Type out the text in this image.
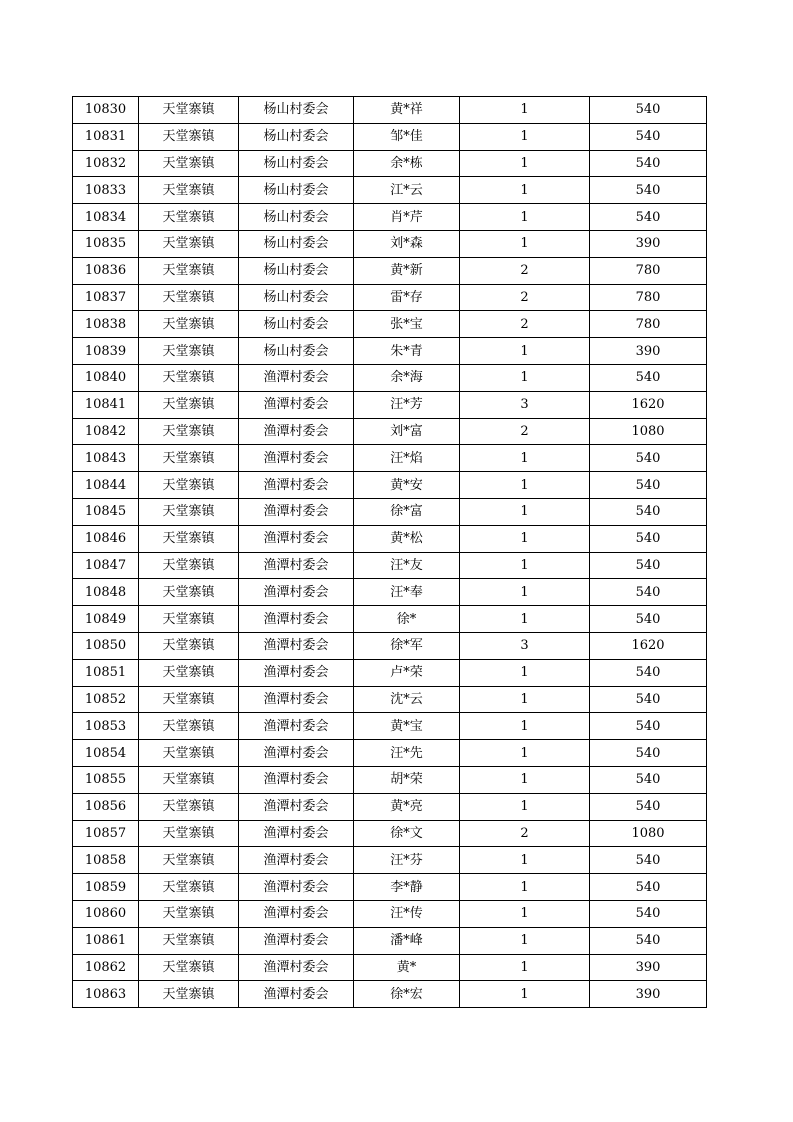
10830	天堂寨镇	杨山村委会	黄*祥	1	540
10831	天堂寨镇	杨山村委会	邹*佳	1	540
10832	天堂寨镇	杨山村委会	余*栋	1	540
10833	天堂寨镇	杨山村委会	江*云	1	540
10834	天堂寨镇	杨山村委会	肖*芹	1	540
10835	天堂寨镇	杨山村委会	刘*森	1	390
10836	天堂寨镇	杨山村委会	黄*新	2	780
10837	天堂寨镇	杨山村委会	雷*存	2	780
10838	天堂寨镇	杨山村委会	张*宝	2	780
10839	天堂寨镇	杨山村委会	朱*青	1	390
10840	天堂寨镇	渔潭村委会	余*海	1	540
10841	天堂寨镇	渔潭村委会	汪*芳	3	1620
10842	天堂寨镇	渔潭村委会	刘*富	2	1080
10843	天堂寨镇	渔潭村委会	汪*焰	1	540
10844	天堂寨镇	渔潭村委会	黄*安	1	540
10845	天堂寨镇	渔潭村委会	徐*富	1	540
10846	天堂寨镇	渔潭村委会	黄*松	1	540
10847	天堂寨镇	渔潭村委会	汪*友	1	540
10848	天堂寨镇	渔潭村委会	汪*奉	1	540
10849	天堂寨镇	渔潭村委会	徐*	1	540
10850	天堂寨镇	渔潭村委会	徐*军	3	1620
10851	天堂寨镇	渔潭村委会	卢*荣	1	540
10852	天堂寨镇	渔潭村委会	沈*云	1	540
10853	天堂寨镇	渔潭村委会	黄*宝	1	540
10854	天堂寨镇	渔潭村委会	汪*先	1	540
10855	天堂寨镇	渔潭村委会	胡*荣	1	540
10856	天堂寨镇	渔潭村委会	黄*亮	1	540
10857	天堂寨镇	渔潭村委会	徐*文	2	1080
10858	天堂寨镇	渔潭村委会	汪*芬	1	540
10859	天堂寨镇	渔潭村委会	李*静	1	540
10860	天堂寨镇	渔潭村委会	汪*传	1	540
10861	天堂寨镇	渔潭村委会	潘*峰	1	540
10862	天堂寨镇	渔潭村委会	黄*	1	390
10863	天堂寨镇	渔潭村委会	徐*宏	1	390
